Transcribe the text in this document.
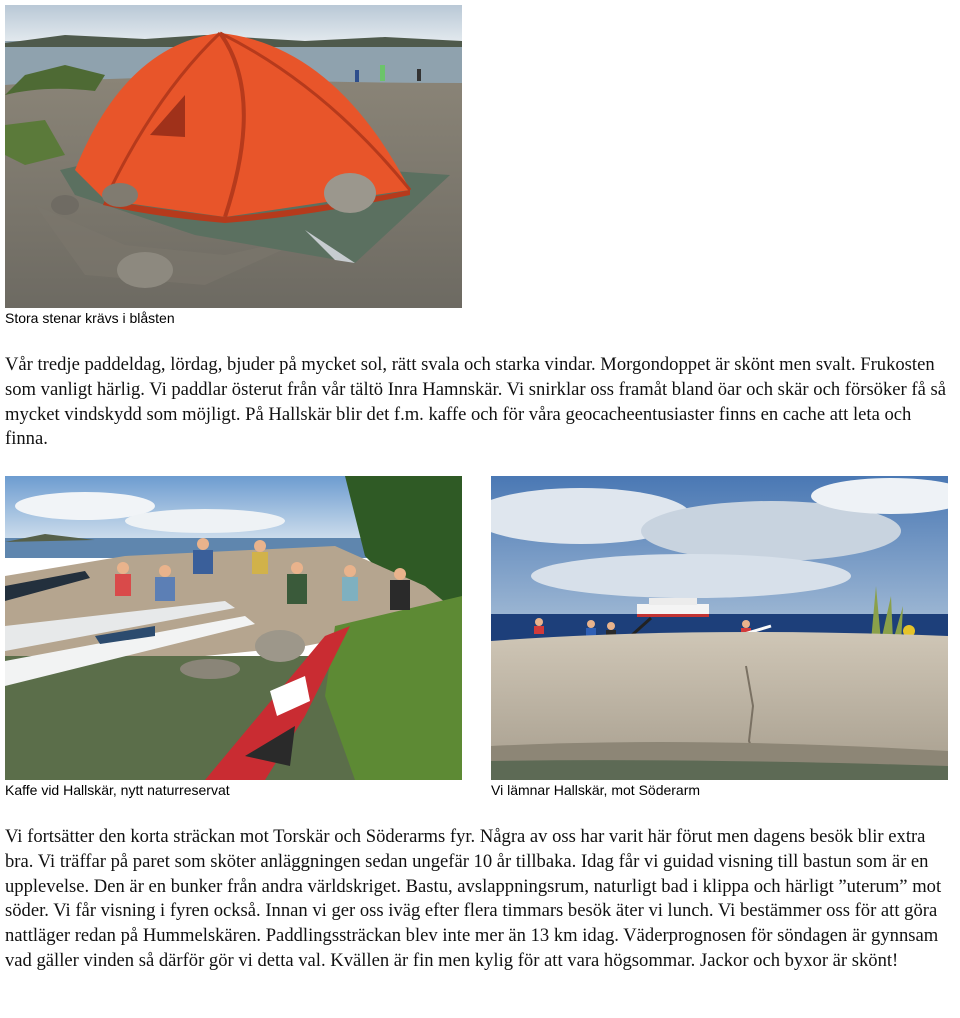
Stora stenar krävs i blåsten

Vår tredje paddeldag, lördag, bjuder på mycket sol, rätt svala och starka vindar. Morgondoppet är skönt men svalt. Frukosten som vanligt härlig. Vi paddlar österut från vår tältö Inra Hamnskär. Vi snirklar oss framåt bland öar och skär och försöker få så mycket vindskydd som möjligt. På Hallskär blir det f.m. kaffe och för våra geocacheentusiaster finns en cache att leta och finna.

Kaffe vid Hallskär, nytt naturreservat	Vi lämnar Hallskär, mot Söderarm

Vi fortsätter den korta sträckan mot Torskär och Söderarms fyr. Några av oss har varit här förut men dagens besök blir extra bra. Vi träffar på paret som sköter anläggningen sedan ungefär 10 år tillbaka. Idag får vi guidad visning till bastun som är en upplevelse. Den är en bunker från andra världskriget. Bastu, avslappningsrum, naturligt bad i klippa och härligt ”uterum” mot söder. Vi får visning i fyren också. Innan vi ger oss iväg efter flera timmars besök äter vi lunch. Vi bestämmer oss för att göra nattläger redan på Hummelskären. Paddlingssträckan blev inte mer än 13 km idag. Väderprognosen för söndagen är gynnsam vad gäller vinden så därför gör vi detta val. Kvällen är fin men kylig för att vara högsommar. Jackor och byxor är skönt!
